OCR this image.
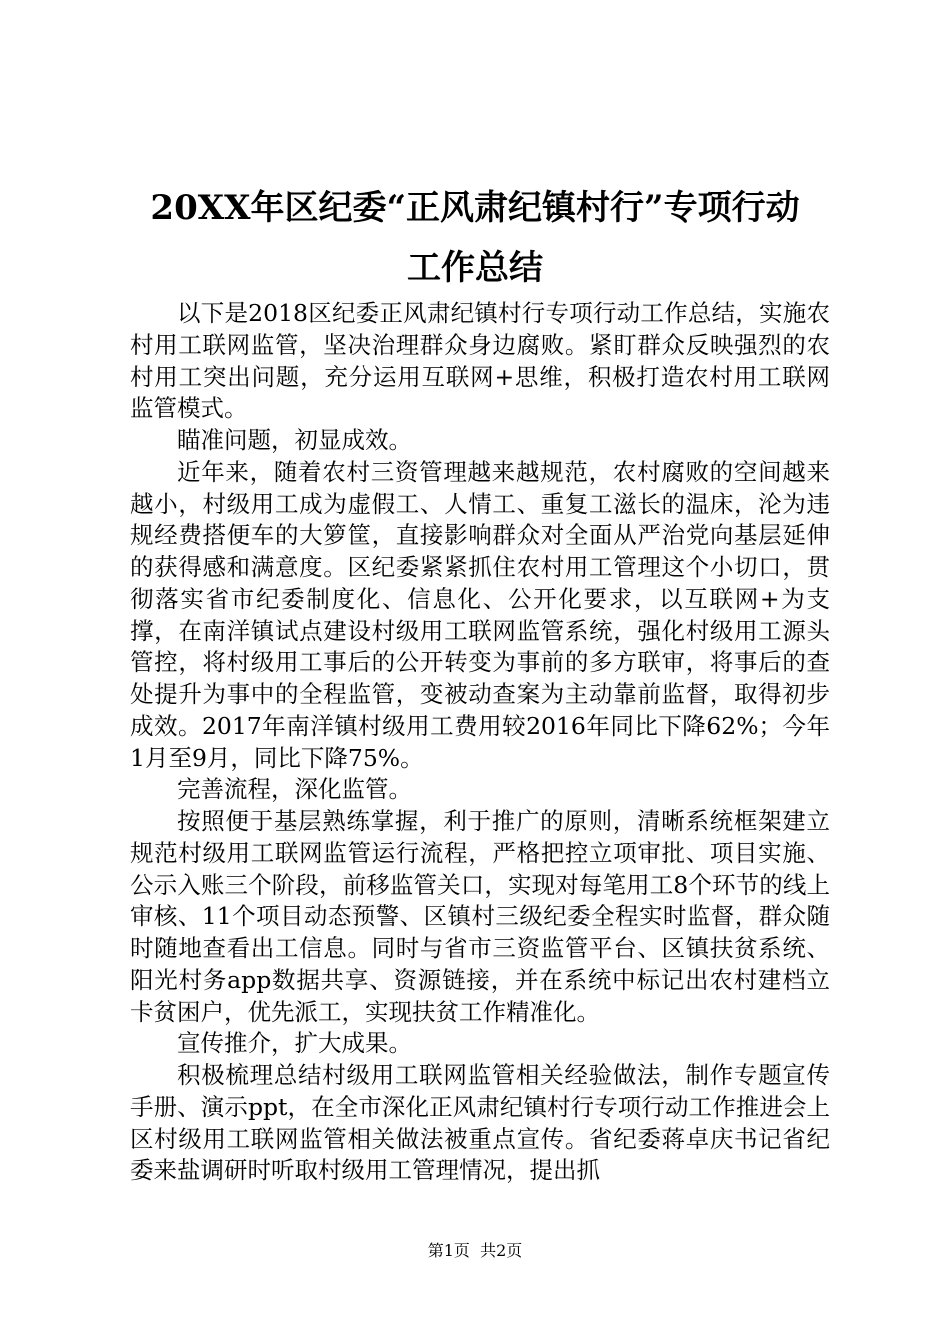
20XX年区纪委“正风肃纪镇村行”专项行动
工作总结

以下是2018区纪委正风肃纪镇村行专项行动工作总结，实施农村用工联网监管，坚决治理群众身边腐败。紧盯群众反映强烈的农村用工突出问题，充分运用互联网+思维，积极打造农村用工联网监管模式。

瞄准问题，初显成效。

近年来，随着农村三资管理越来越规范，农村腐败的空间越来越小，村级用工成为虚假工、人情工、重复工滋长的温床，沦为违规经费搭便车的大箩筐，直接影响群众对全面从严治党向基层延伸的获得感和满意度。区纪委紧紧抓住农村用工管理这个小切口，贯彻落实省市纪委制度化、信息化、公开化要求，以互联网+为支撑，在南洋镇试点建设村级用工联网监管系统，强化村级用工源头管控，将村级用工事后的公开转变为事前的多方联审，将事后的查处提升为事中的全程监管，变被动查案为主动靠前监督，取得初步成效。2017年南洋镇村级用工费用较2016年同比下降62%；今年1月至9月，同比下降75%。

完善流程，深化监管。

按照便于基层熟练掌握，利于推广的原则，清晰系统框架建立规范村级用工联网监管运行流程，严格把控立项审批、项目实施、公示入账三个阶段，前移监管关口，实现对每笔用工8个环节的线上审核、11个项目动态预警、区镇村三级纪委全程实时监督，群众随时随地查看出工信息。同时与省市三资监管平台、区镇扶贫系统、阳光村务app数据共享、资源链接，并在系统中标记出农村建档立卡贫困户，优先派工，实现扶贫工作精准化。

宣传推介，扩大成果。

积极梳理总结村级用工联网监管相关经验做法，制作专题宣传手册、演示ppt，在全市深化正风肃纪镇村行专项行动工作推进会上区村级用工联网监管相关做法被重点宣传。省纪委蒋卓庆书记省纪委来盐调研时听取村级用工管理情况，提出抓

第1页  共2页
